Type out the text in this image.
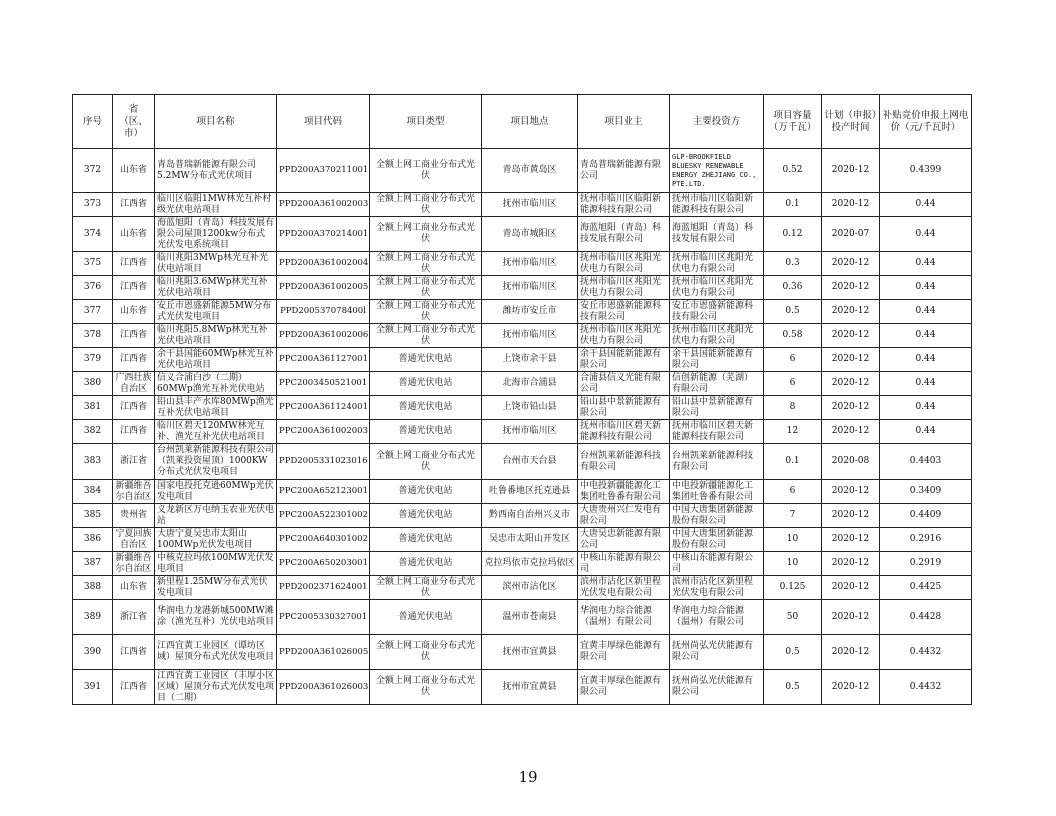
序号	省（区、市）	项目名称	项目代码	项目类型	项目地点	项目业主	主要投资方	项目容量（万千瓦）	计划（申报）投产时间	补贴竞价申报上网电价（元/千瓦时）
372	山东省	青岛普瑞新能源有限公司5.2MW分布式光伏项目	PPD200A370211001	全额上网工商业分布式光伏	青岛市黄岛区	青岛普瑞新能源有限公司	GLP-BROOKFIELD BLUESKY RENEWABLE ENERGY ZHEJIANG CO., PTE.LTD.	0.52	2020-12	0.4399
373	江西省	临川区临阳1MW林光互补村级光伏电站项目	PPD200A361002003	全额上网工商业分布式光伏	抚州市临川区	抚州市临川区临阳新能源科技有限公司	抚州市临川区临阳新能源科技有限公司	0.1	2020-12	0.44
374	山东省	海蓝旭阳（青岛）科技发展有限公司屋顶1200kw分布式光伏发电系统项目	PPD200A370214001	全额上网工商业分布式光伏	青岛市城阳区	海蓝旭阳（青岛）科技发展有限公司	海蓝旭阳（青岛）科技发展有限公司	0.12	2020-07	0.44
375	江西省	临川兆阳3MWp林光互补光伏电站项目	PPD200A361002004	全额上网工商业分布式光伏	抚州市临川区	抚州市临川区兆阳光伏电力有限公司	抚州市临川区兆阳光伏电力有限公司	0.3	2020-12	0.44
376	江西省	临川兆阳3.6MWp林光互补光伏电站项目	PPD200A361002005	全额上网工商业分布式光伏	抚州市临川区	抚州市临川区兆阳光伏电力有限公司	抚州市临川区兆阳光伏电力有限公司	0.36	2020-12	0.44
377	山东省	安丘市恩盛新能源5MW分布式光伏发电项目	PPD200537078400l	全额上网工商业分布式光伏	潍坊市安丘市	安丘市恩盛新能源科技有限公司	安丘市恩盛新能源科技有限公司	0.5	2020-12	0.44
378	江西省	临川兆阳5.8MWp林光互补光伏电站项目	PPD200A361002006	全额上网工商业分布式光伏	抚州市临川区	抚州市临川区兆阳光伏电力有限公司	抚州市临川区兆阳光伏电力有限公司	0.58	2020-12	0.44
379	江西省	余干县国能60MWp林光互补光伏电站项目	PPC200A361127001	普通光伏电站	上饶市余干县	余干县国能新能源有限公司	余干县国能新能源有限公司	6	2020-12	0.44
380	广西壮族自治区	信义合浦白沙（二期）60MWp渔光互补光伏电站	PPC2003450521001	普通光伏电站	北海市合浦县	合浦县信义光能有限公司	信创新能源（芜湖）有限公司	6	2020-12	0.44
381	江西省	铅山县丰产水库80MWp渔光互补光伏电站项目	PPC200A361124001	普通光伏电站	上饶市铅山县	铅山县中景新能源有限公司	铅山县中景新能源有限公司	8	2020-12	0.44
382	江西省	临川区碧天120MW林光互补、渔光互补光伏电站项目	PPC200A361002003	普通光伏电站	抚州市临川区	抚州市临川区碧天新能源科技有限公司	抚州市临川区碧天新能源科技有限公司	12	2020-12	0.44
383	浙江省	台州凯莱新能源科技有限公司（凯莱投资屋顶）1000KW分布式光伏发电项目	PPD2005331023016	全额上网工商业分布式光伏	台州市天台县	台州凯莱新能源科技有限公司	台州凯莱新能源科技有限公司	0.1	2020-08	0.4403
384	新疆维吾尔自治区	国家电投托克逊60MWp光伏发电项目	PPC200A652123001	普通光伏电站	吐鲁番地区托克逊县	中电投新疆能源化工集团吐鲁番有限公司	中电投新疆能源化工集团吐鲁番有限公司	6	2020-12	0.3409
385	贵州省	义龙新区万屯纳玉农业光伏电站	PPC200A522301002	普通光伏电站	黔西南自治州兴义市	大唐贵州兴仁发电有限公司	中国大唐集团新能源股份有限公司	7	2020-12	0.4409
386	宁夏回族自治区	大唐宁夏吴忠市太阳山100MWp光伏发电项目	PPC200A640301002	普通光伏电站	吴忠市太阳山开发区	大唐吴忠新能源有限公司	中国大唐集团新能源股份有限公司	10	2020-12	0.2916
387	新疆维吾尔自治区	中核克拉玛依100MW光伏发电项目	PPC200A650203001	普通光伏电站	克拉玛依市克拉玛依区	中核山东能源有限公司	中核山东能源有限公司	10	2020-12	0.2919
388	山东省	新里程1.25MW分布式光伏发电项目	PPD2002371624001	全额上网工商业分布式光伏	滨州市沾化区	滨州市沾化区新里程光伏发电有限公司	滨州市沾化区新里程光伏发电有限公司	0.125	2020-12	0.4425
389	浙江省	华润电力龙港新城500MW滩涂（渔光互补）光伏电站项目	PPC2005330327001	普通光伏电站	温州市苍南县	华润电力综合能源（温州）有限公司	华润电力综合能源（温州）有限公司	50	2020-12	0.4428
390	江西省	江西宜黄工业园区（谭坊区域）屋顶分布式光伏发电项目	PPD200A361026005	全额上网工商业分布式光伏	抚州市宜黄县	宜黄丰厚绿色能源有限公司	抚州尚弘光伏能源有限公司	0.5	2020-12	0.4432
391	江西省	江西宜黄工业园区（丰厚小区区域）屋顶分布式光伏发电项目（二期）	PPD200A361026003	全额上网工商业分布式光伏	抚州市宜黄县	宜黄丰厚绿色能源有限公司	抚州尚弘光伏能源有限公司	0.5	2020-12	0.4432
19
